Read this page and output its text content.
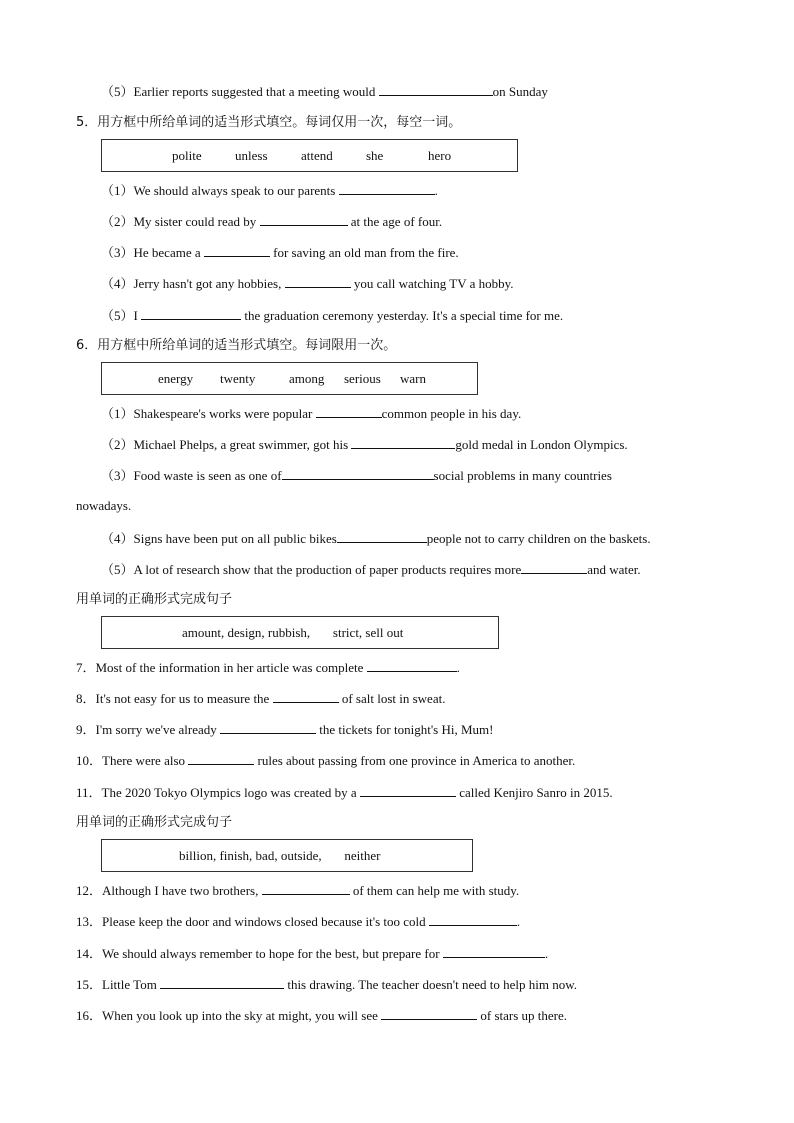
（5）Earlier reports suggested that a meeting would	on Sunday
5．用方框中所给单词的适当形式填空。每词仅用一次，每空一词。
polite	unless	attend	she	hero
（1）We should always speak to our parents	.
（2）My sister could read by	at the age of four.
（3）He became a	for saving an old man from the fire.
（4）Jerry hasn't got any hobbies,	you call watching TV a hobby.
（5）I	the graduation ceremony yesterday. It's a special time for me.
6．用方框中所给单词的适当形式填空。每词限用一次。
energy twenty	among serious warn
（1）Shakespeare's works were popular	common people in his day.
（2）Michael Phelps, a great swimmer, got his	gold medal in London Olympics.
（3）Food waste is seen as one of	social problems in many countries
nowadays.
（4）Signs have been put on all public bikes	people not to carry children on the baskets.
（5）A lot of research show that the production of paper products requires more	and water.
用单词的正确形式完成句子
amount, design, rubbish,       strict, sell out
7．Most of the information in her article was complete	.
8．It's not easy for us to measure the	of salt lost in sweat.
9．I'm sorry we've already	the tickets for tonight's Hi, Mum!
10．There were also	rules about passing from one province in America to another.
11．The 2020 Tokyo Olympics logo was created by a	called Kenjiro Sanro in 2015.
用单词的正确形式完成句子
billion, finish, bad, outside,       neither
12．Although I have two brothers,	of them can help me with study.
13．Please keep the door and windows closed because it's too cold	.
14．We should always remember to hope for the best, but prepare for	.
15．Little Tom	this drawing. The teacher doesn't need to help him now.
16．When you look up into the sky at might, you will see	of stars up there.
